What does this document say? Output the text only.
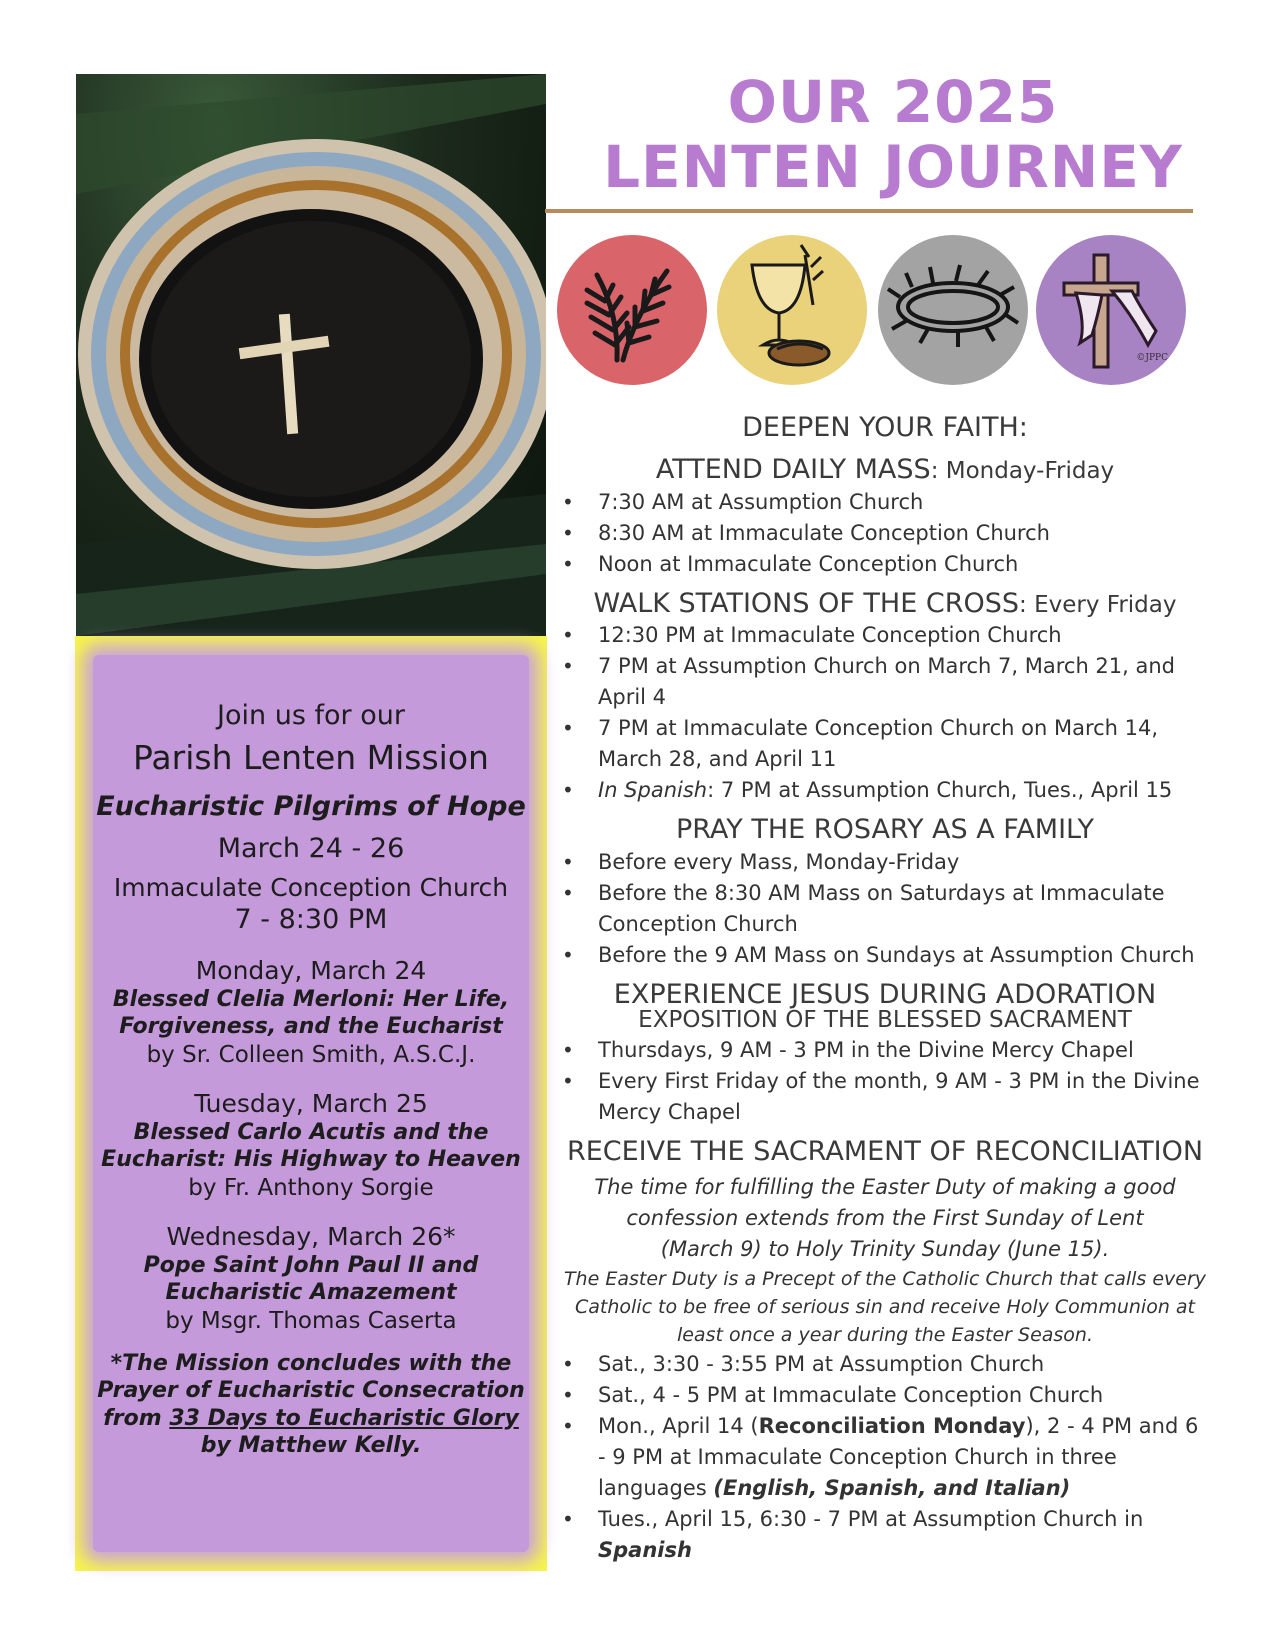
Join us for our

Parish Lenten Mission

Eucharistic Pilgrims of Hope

March 24 - 26

Immaculate Conception Church

7 - 8:30 PM

Monday, March 24

Blessed Clelia Merloni: Her Life,

Forgiveness, and the Eucharist

by Sr. Colleen Smith, A.S.C.J.

Tuesday, March 25

Blessed Carlo Acutis and the

Eucharist: His Highway to Heaven

by Fr. Anthony Sorgie

Wednesday, March 26*

Pope Saint John Paul II and

Eucharistic Amazement

by Msgr. Thomas Caserta

*The Mission concludes with the

Prayer of Eucharistic Consecration

from 33 Days to Eucharistic Glory

by Matthew Kelly.

OUR 2025
LENTEN JOURNEY
©JPPC

DEEPEN YOUR FAITH:

ATTEND DAILY MASS: Monday-Friday

• 7:30 AM at Assumption Church
• 8:30 AM at Immaculate Conception Church
• Noon at Immaculate Conception Church

WALK STATIONS OF THE CROSS: Every Friday

• 12:30 PM at Immaculate Conception Church
• 7 PM at Assumption Church on March 7, March 21, and April 4
• 7 PM at Immaculate Conception Church on March 14, March 28, and April 11
• In Spanish: 7 PM at Assumption Church, Tues., April 15

PRAY THE ROSARY AS A FAMILY

• Before every Mass, Monday-Friday
• Before the 8:30 AM Mass on Saturdays at Immaculate Conception Church
• Before the 9 AM Mass on Sundays at Assumption Church

EXPERIENCE JESUS DURING ADORATION

EXPOSITION OF THE BLESSED SACRAMENT

• Thursdays, 9 AM - 3 PM in the Divine Mercy Chapel
• Every First Friday of the month, 9 AM - 3 PM in the Divine Mercy Chapel

RECEIVE THE SACRAMENT OF RECONCILIATION

The time for fulfilling the Easter Duty of making a good

confession extends from the First Sunday of Lent

(March 9) to Holy Trinity Sunday (June 15).

The Easter Duty is a Precept of the Catholic Church that calls every

Catholic to be free of serious sin and receive Holy Communion at

least once a year during the Easter Season.

• Sat., 3:30 - 3:55 PM at Assumption Church
• Sat., 4 - 5 PM at Immaculate Conception Church
• Mon., April 14 (Reconciliation Monday), 2 - 4 PM and 6 - 9 PM at Immaculate Conception Church in three languages (English, Spanish, and Italian)
• Tues., April 15, 6:30 - 7 PM at Assumption Church in Spanish
